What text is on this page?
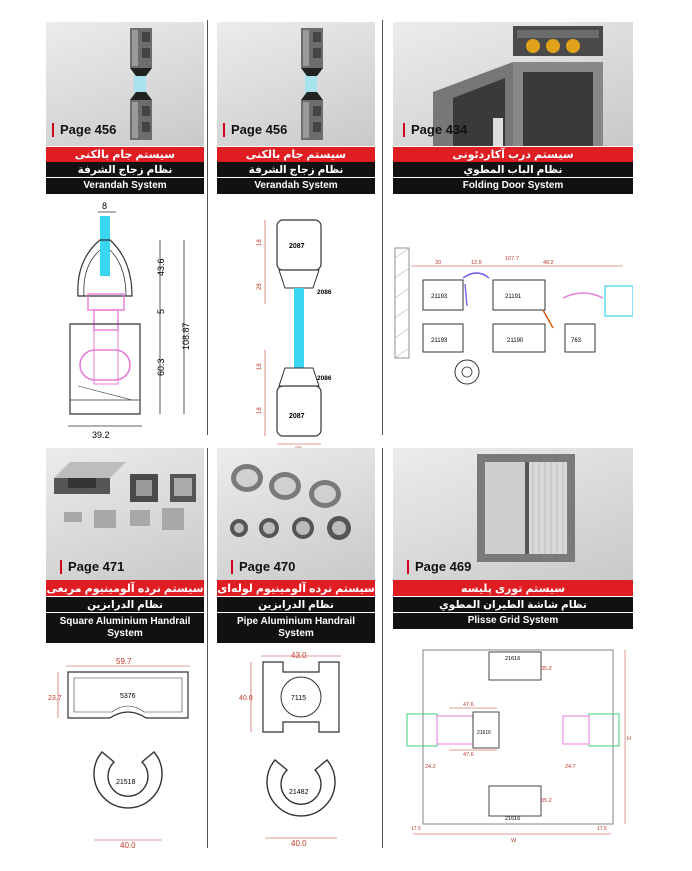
Page 456
سیستم جام بالکنی
نظام زجاج الشرفة
Verandah System
8
43.6
5
60.3
108.87
39.2
Page 456
سیستم جام بالکنی
نظام زجاج الشرفة
Verandah System
2087
2086
2086
2087
18
28
18
18
Page 434
سیستم درب آکاردئونی
نظام الباب المطوي
Folding Door System
30	12.9
107.7
48.2
21193	21191
21193	21190	763
Page 471
سیستم نرده آلومینیوم مربعی
نظام الدرابزين
Square Aluminium Handrail System
59.7
5376
23.7
21518
40.0
Page 470
سیستم نرده آلومینیوم لوله‌ای
نظام الدرابزين
Pipe Aluminium Handrail System
43.0
7115
40.0
21482
40.0
Page 469
سیستم توری پلیسه
نظام شاشة الطيران المطوي
Plisse Grid System
21616
35.2
21616
47.6
47.6
24.2	24.7
21616
35.2
H
W
17.5	17.5
